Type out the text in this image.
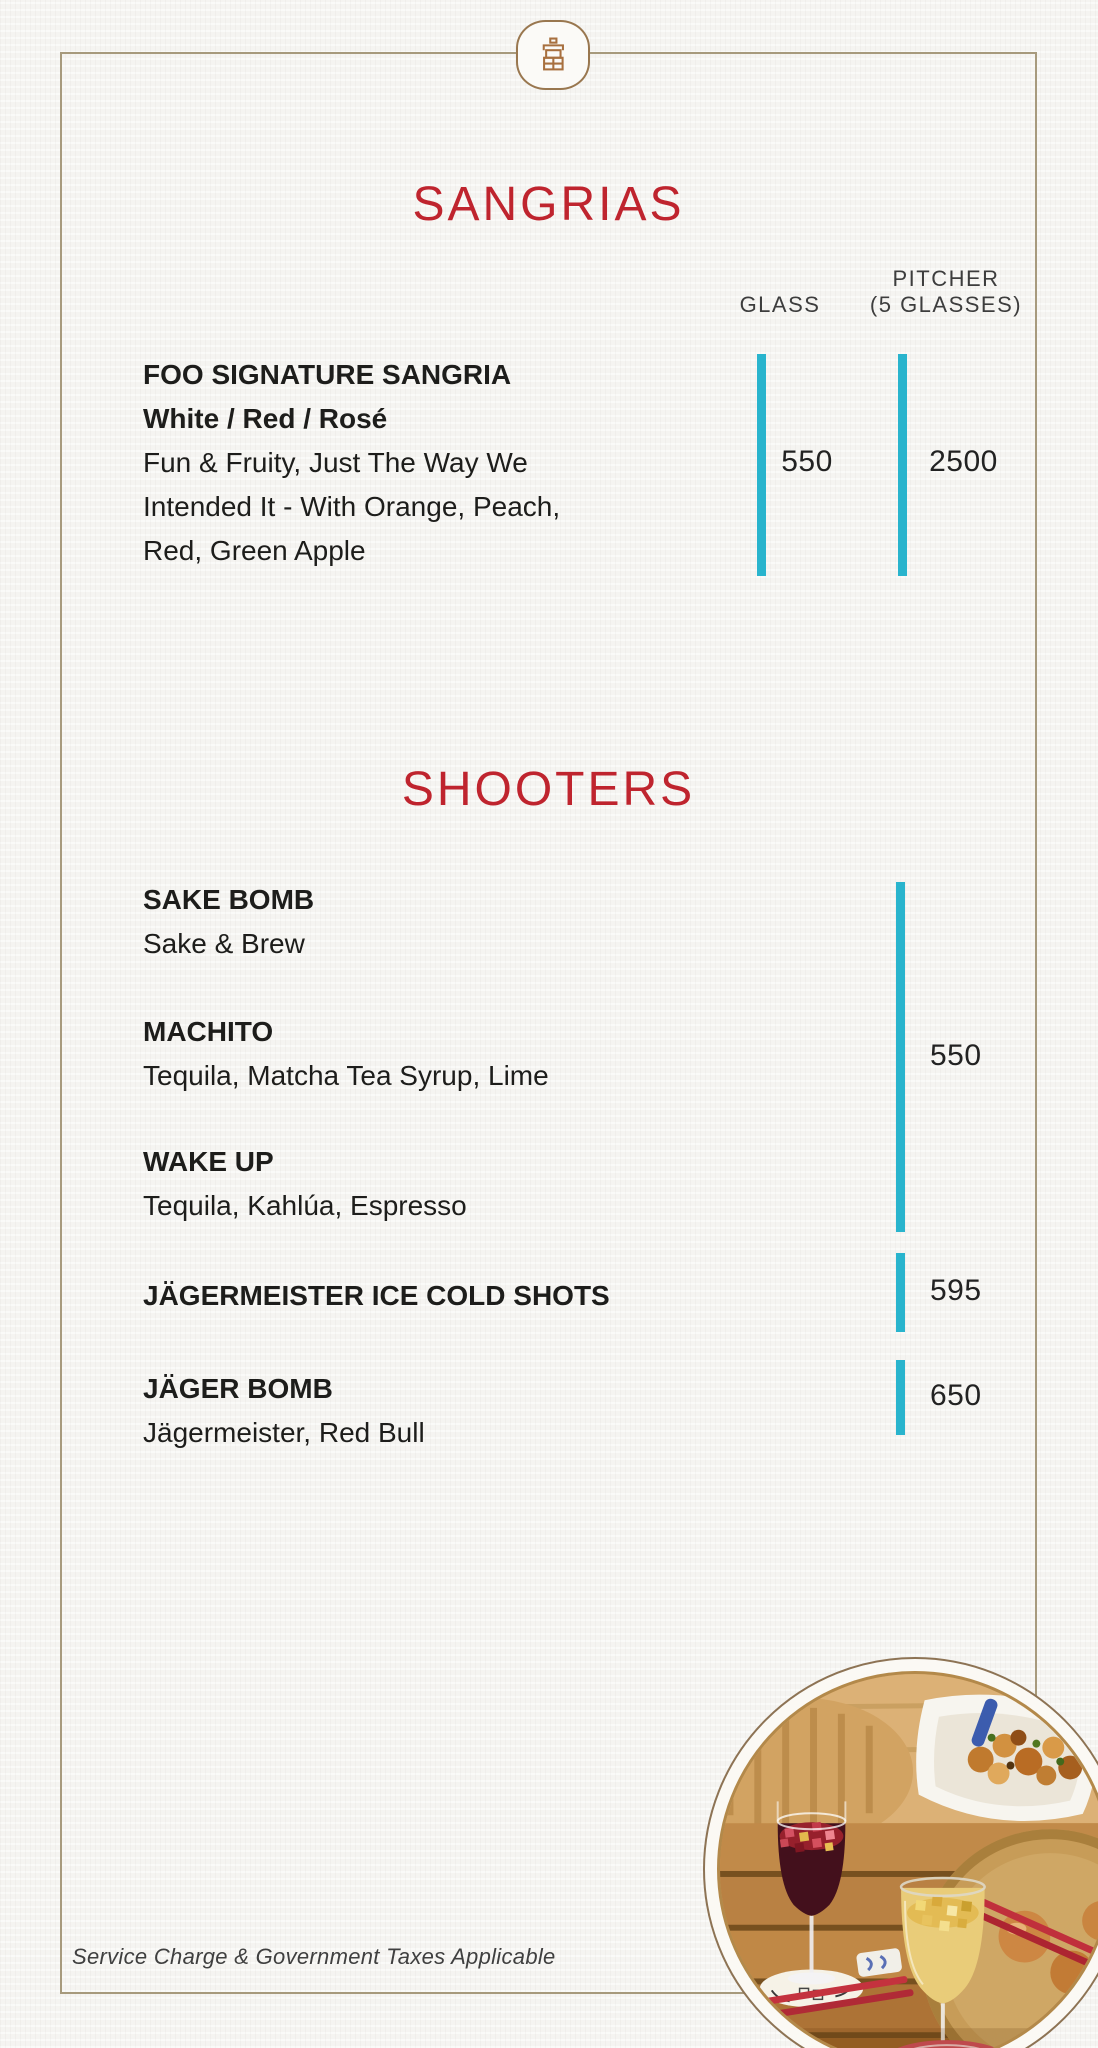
SANGRIAS
GLASS
PITCHER
(5 GLASSES)
FOO SIGNATURE SANGRIA
White / Red / Rosé
Fun & Fruity, Just The Way We
Intended It - With Orange, Peach,
Red, Green Apple
550	2500
SHOOTERS
SAKE BOMB
Sake & Brew
MACHITO
Tequila, Matcha Tea Syrup, Lime
WAKE UP
Tequila, Kahlúa, Espresso
JÄGERMEISTER ICE COLD SHOTS
JÄGER BOMB
Jägermeister, Red Bull
550
595
650
Service Charge & Government Taxes Applicable
